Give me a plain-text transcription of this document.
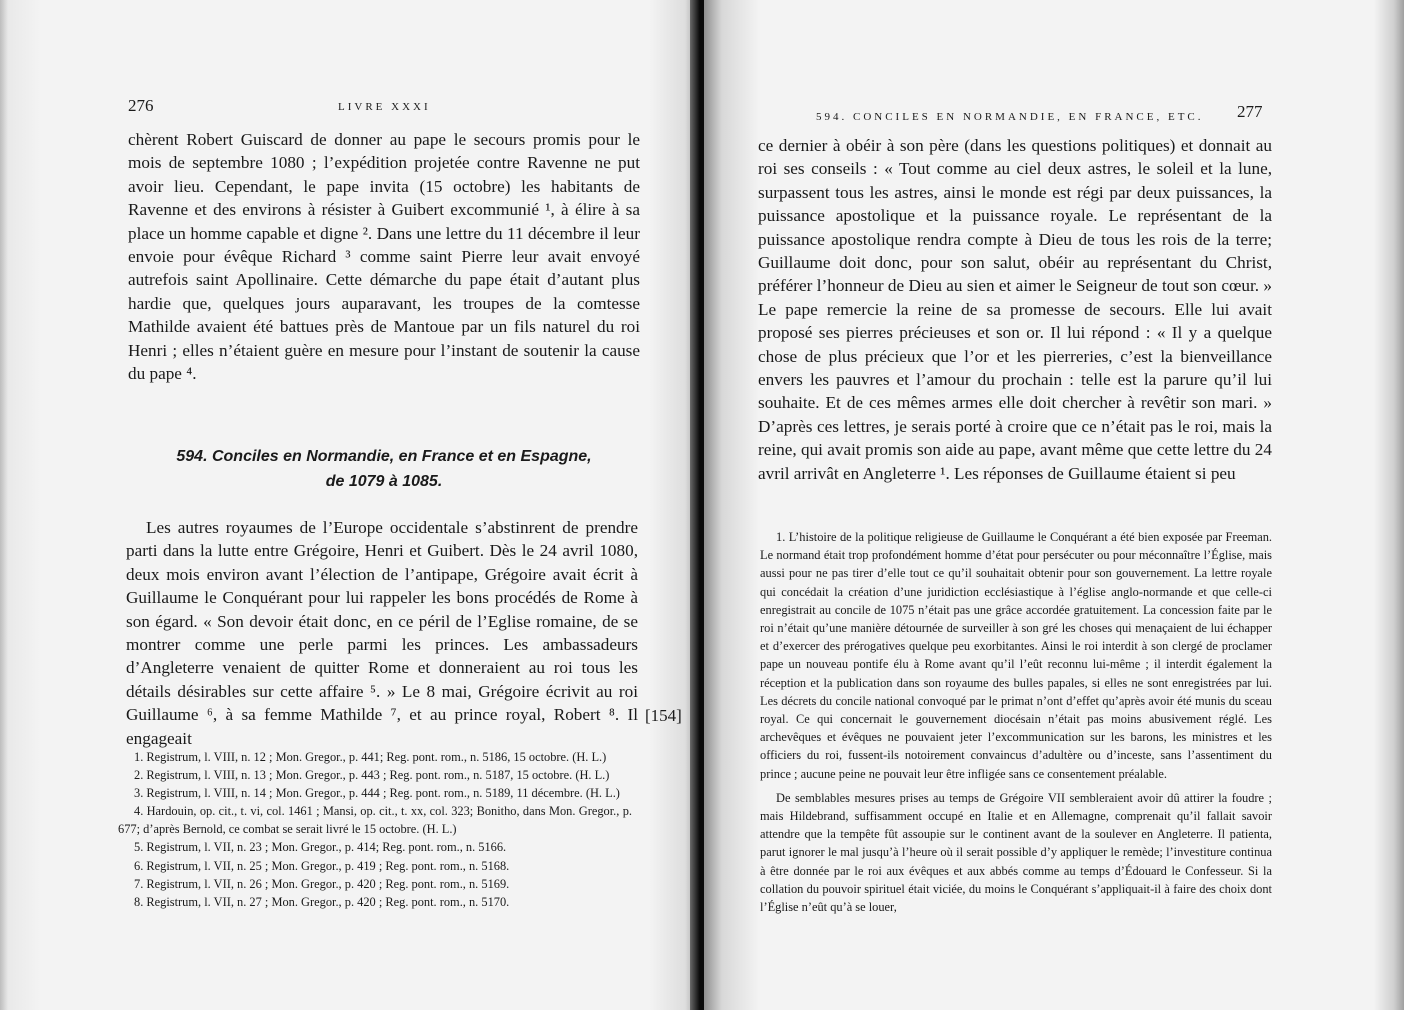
276	LIVRE XXXI

chèrent Robert Guiscard de donner au pape le secours promis pour le mois de septembre 1080 ; l’expédition projetée contre Ravenne ne put avoir lieu. Cependant, le pape invita (15 octobre) les habitants de Ravenne et des environs à résister à Guibert excommunié ¹, à élire à sa place un homme capable et digne ². Dans une lettre du 11 décembre il leur envoie pour évêque Richard ³ comme saint Pierre leur avait envoyé autrefois saint Apollinaire. Cette démarche du pape était d’autant plus hardie que, quelques jours auparavant, les troupes de la comtesse Mathilde avaient été battues près de Mantoue par un fils naturel du roi Henri ; elles n’étaient guère en mesure pour l’instant de soutenir la cause du pape ⁴.

594. Conciles en Normandie, en France et en Espagne,
de 1079 à 1085.

Les autres royaumes de l’Europe occidentale s’abstinrent de prendre parti dans la lutte entre Grégoire, Henri et Guibert. Dès le 24 avril 1080, deux mois environ avant l’élection de l’antipape, Grégoire avait écrit à Guillaume le Conquérant pour lui rappeler les bons procédés de Rome à son égard. « Son devoir était donc, en ce péril de l’Eglise romaine, de se montrer comme une perle parmi les princes. Les ambassadeurs d’Angleterre venaient de quitter Rome et donneraient au roi tous les détails désirables sur cette affaire ⁵. » Le 8 mai, Grégoire écrivit au roi Guillaume ⁶, à sa femme Mathilde ⁷, et au prince royal, Robert ⁸. Il engageait

1. Registrum, l. VIII, n. 12 ; Mon. Gregor., p. 441; Reg. pont. rom., n. 5186, 15 octobre. (H. L.)
2. Registrum, l. VIII, n. 13 ; Mon. Gregor., p. 443 ; Reg. pont. rom., n. 5187, 15 octobre. (H. L.)
3. Registrum, l. VIII, n. 14 ; Mon. Gregor., p. 444 ; Reg. pont. rom., n. 5189, 11 décembre. (H. L.)
4. Hardouin, op. cit., t. vi, col. 1461 ; Mansi, op. cit., t. xx, col. 323; Bonitho, dans Mon. Gregor., p. 677; d’après Bernold, ce combat se serait livré le 15 octobre. (H. L.)
5. Registrum, l. VII, n. 23 ; Mon. Gregor., p. 414; Reg. pont. rom., n. 5166.
6. Registrum, l. VII, n. 25 ; Mon. Gregor., p. 419 ; Reg. pont. rom., n. 5168.
7. Registrum, l. VII, n. 26 ; Mon. Gregor., p. 420 ; Reg. pont. rom., n. 5169.
8. Registrum, l. VII, n. 27 ; Mon. Gregor., p. 420 ; Reg. pont. rom., n. 5170.
[154]
594. CONCILES EN NORMANDIE, EN FRANCE, ETC. 277

ce dernier à obéir à son père (dans les questions politiques) et donnait au roi ses conseils : « Tout comme au ciel deux astres, le soleil et la lune, surpassent tous les astres, ainsi le monde est régi par deux puissances, la puissance apostolique et la puissance royale. Le représentant de la puissance apostolique rendra compte à Dieu de tous les rois de la terre; Guillaume doit donc, pour son salut, obéir au représentant du Christ, préférer l’honneur de Dieu au sien et aimer le Seigneur de tout son cœur. » Le pape remercie la reine de sa promesse de secours. Elle lui avait proposé ses pierres précieuses et son or. Il lui répond : « Il y a quelque chose de plus précieux que l’or et les pierreries, c’est la bienveillance envers les pauvres et l’amour du prochain : telle est la parure qu’il lui souhaite. Et de ces mêmes armes elle doit chercher à revêtir son mari. » D’après ces lettres, je serais porté à croire que ce n’était pas le roi, mais la reine, qui avait promis son aide au pape, avant même que cette lettre du 24 avril arrivât en Angleterre ¹. Les réponses de Guillaume étaient si peu

1. L’histoire de la politique religieuse de Guillaume le Conquérant a été bien exposée par Freeman. Le normand était trop profondément homme d’état pour persécuter ou pour méconnaître l’Église, mais aussi pour ne pas tirer d’elle tout ce qu’il souhaitait obtenir pour son gouvernement. La lettre royale qui concédait la création d’une juridiction ecclésiastique à l’église anglo-normande et que celle-ci enregistrait au concile de 1075 n’était pas une grâce accordée gratuitement. La concession faite par le roi n’était qu’une manière détournée de surveiller à son gré les choses qui menaçaient de lui échapper et d’exercer des prérogatives quelque peu exorbitantes. Ainsi le roi interdit à son clergé de proclamer pape un nouveau pontife élu à Rome avant qu’il l’eût reconnu lui-même ; il interdit également la réception et la publication dans son royaume des bulles papales, si elles ne sont enregistrées par lui. Les décrets du concile national convoqué par le primat n’ont d’effet qu’après avoir été munis du sceau royal. Ce qui concernait le gouvernement diocésain n’était pas moins abusivement réglé. Les archevêques et évêques ne pouvaient jeter l’excommunication sur les barons, les ministres et les officiers du roi, fussent-ils notoirement convaincus d’adultère ou d’inceste, sans l’assentiment du prince ; aucune peine ne pouvait leur être infligée sans ce consentement préalable.
De semblables mesures prises au temps de Grégoire VII sembleraient avoir dû attirer la foudre ; mais Hildebrand, suffisamment occupé en Italie et en Allemagne, comprenait qu’il fallait savoir attendre que la tempête fût assoupie sur le continent avant de la soulever en Angleterre. Il patienta, parut ignorer le mal jusqu’à l’heure où il serait possible d’y appliquer le remède; l’investiture continua à être donnée par le roi aux évêques et aux abbés comme au temps d’Édouard le Confesseur. Si la collation du pouvoir spirituel était viciée, du moins le Conquérant s’appliquait-il à faire des choix dont l’Église n’eût qu’à se louer,
